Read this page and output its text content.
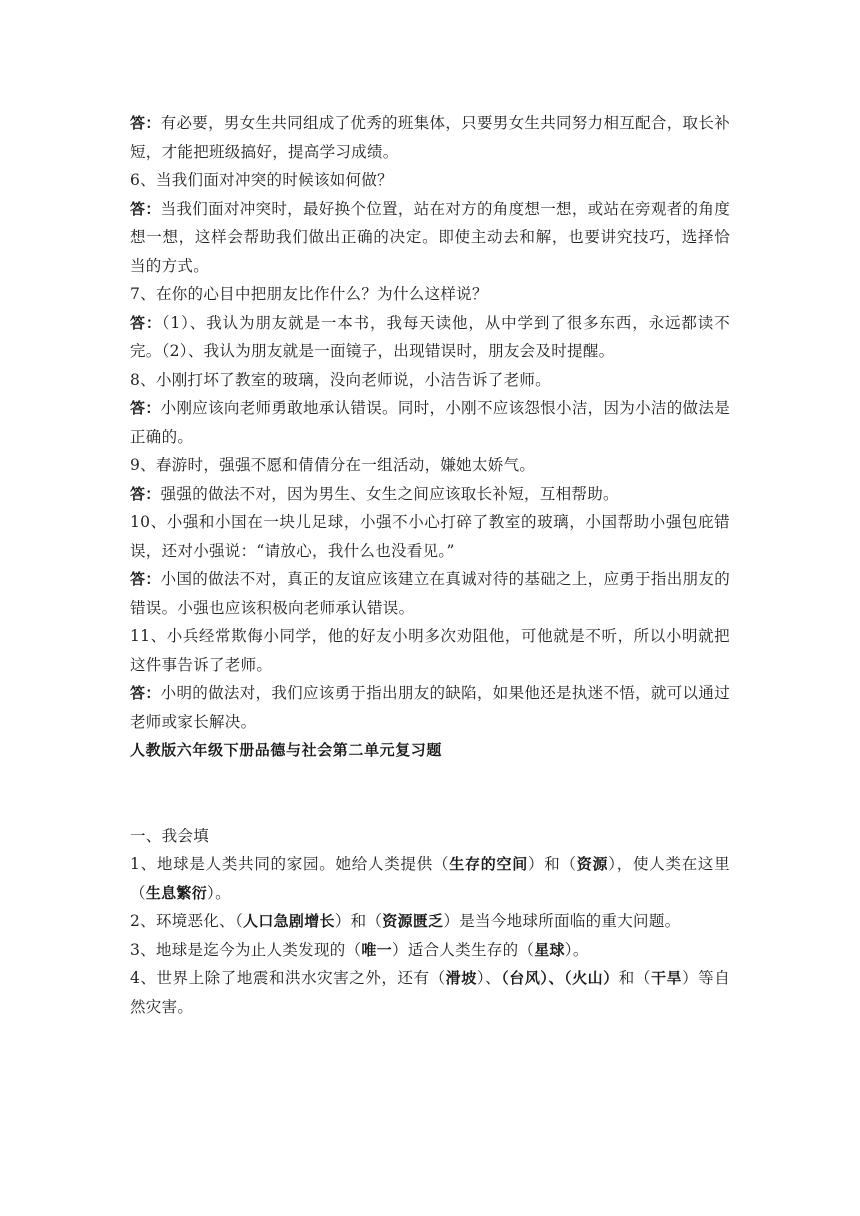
答：有必要，男女生共同组成了优秀的班集体，只要男女生共同努力相互配合，取长补短，才能把班级搞好，提高学习成绩。

6、当我们面对冲突的时候该如何做？

答：当我们面对冲突时，最好换个位置，站在对方的角度想一想，或站在旁观者的角度想一想，这样会帮助我们做出正确的决定。即使主动去和解，也要讲究技巧，选择恰当的方式。

7、在你的心目中把朋友比作什么？为什么这样说？

答：（1）、我认为朋友就是一本书，我每天读他，从中学到了很多东西，永远都读不完。（2）、我认为朋友就是一面镜子，出现错误时，朋友会及时提醒。

8、小刚打坏了教室的玻璃，没向老师说，小洁告诉了老师。

答：小刚应该向老师勇敢地承认错误。同时，小刚不应该怨恨小洁，因为小洁的做法是正确的。

9、春游时，强强不愿和倩倩分在一组活动，嫌她太娇气。

答：强强的做法不对，因为男生、女生之间应该取长补短，互相帮助。

10、小强和小国在一块儿足球，小强不小心打碎了教室的玻璃，小国帮助小强包庇错误，还对小强说：“请放心，我什么也没看见。”

答：小国的做法不对，真正的友谊应该建立在真诚对待的基础之上，应勇于指出朋友的错误。小强也应该积极向老师承认错误。

11、小兵经常欺侮小同学，他的好友小明多次劝阻他，可他就是不听，所以小明就把这件事告诉了老师。

答：小明的做法对，我们应该勇于指出朋友的缺陷，如果他还是执迷不悟，就可以通过老师或家长解决。

人教版六年级下册品德与社会第二单元复习题

一、我会填

1、地球是人类共同的家园。她给人类提供（生存的空间）和（资源），使人类在这里（生息繁衍）。

2、环境恶化、（人口急剧增长）和（资源匮乏）是当今地球所面临的重大问题。

3、地球是迄今为止人类发现的（唯一）适合人类生存的（星球）。

4、世界上除了地震和洪水灾害之外，还有（滑坡）、（台风）、（火山）和（干旱）等自然灾害。
